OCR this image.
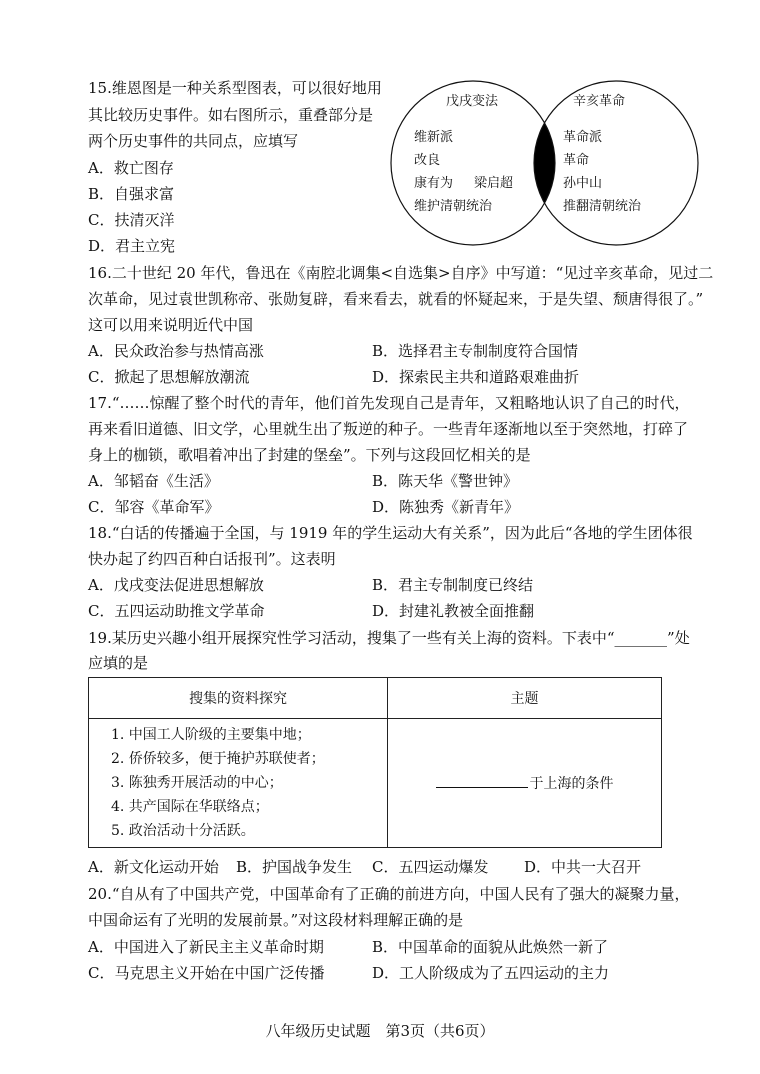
15.维恩图是一种关系型图表，可以很好地用
其比较历史事件。如右图所示，重叠部分是
两个历史事件的共同点，应填写
A．救亡图存
B．自强求富
C．扶清灭洋
D．君主立宪
戊戌变法	辛亥革命
维新派
改良
康有为 梁启超
维护清朝统治
革命派
革命
孙中山
推翻清朝统治
16.二十世纪 20 年代，鲁迅在《南腔北调集<自选集>自序》中写道：“见过辛亥革命，见过二
次革命，见过袁世凯称帝、张勋复辟，看来看去，就看的怀疑起来，于是失望、颓唐得很了。”
这可以用来说明近代中国
A．民众政治参与热情高涨	B．选择君主专制制度符合国情
C．掀起了思想解放潮流	D．探索民主共和道路艰难曲折
17.“……惊醒了整个时代的青年，他们首先发现自己是青年，又粗略地认识了自己的时代，
再来看旧道德、旧文学，心里就生出了叛逆的种子。一些青年逐渐地以至于突然地，打碎了
身上的枷锁，歌唱着冲出了封建的堡垒”。下列与这段回忆相关的是
A．邹韬奋《生活》	B．陈天华《警世钟》
C．邹容《革命军》	D．陈独秀《新青年》
18.“白话的传播遍于全国，与 1919 年的学生运动大有关系”，因为此后“各地的学生团体很
快办起了约四百种白话报刊”。这表明
A．戊戌变法促进思想解放	B．君主专制制度已终结
C．五四运动助推文学革命	D．封建礼教被全面推翻
19.某历史兴趣小组开展探究性学习活动，搜集了一些有关上海的资料。下表中“_______”处
应填的是
搜集的资料探究	主题

1. 中国工人阶级的主要集中地；
2. 侨侨较多，便于掩护苏联使者；
3. 陈独秀开展活动的中心；
4. 共产国际在华联络点；
5. 政治活动十分活跃。	于上海的条件
A．新文化运动开始 B．护国战争发生 C．五四运动爆发 D．中共一大召开
20.“自从有了中国共产党，中国革命有了正确的前进方向，中国人民有了强大的凝聚力量，
中国命运有了光明的发展前景。”对这段材料理解正确的是
A．中国进入了新民主主义革命时期	B．中国革命的面貌从此焕然一新了
C．马克思主义开始在中国广泛传播	D．工人阶级成为了五四运动的主力
八年级历史试题　第3页（共6页）
